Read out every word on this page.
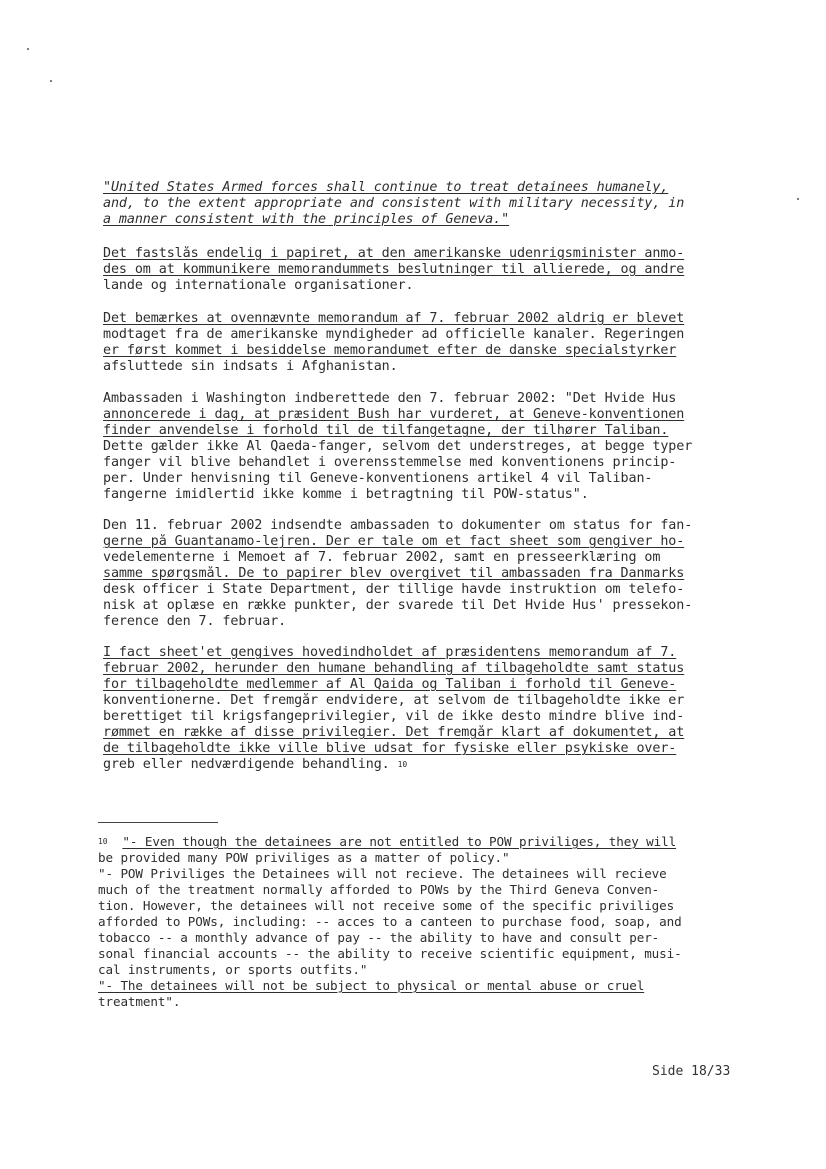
"United States Armed forces shall continue to treat detainees humanely,
and, to the extent appropriate and consistent with military necessity, in
a manner consistent with the principles of Geneva."
Det fastslås endelig i papiret, at den amerikanske udenrigsminister anmo-
des om at kommunikere memorandummets beslutninger til allierede, og andre
lande og internationale organisationer.
Det bemærkes at ovennævnte memorandum af 7. februar 2002 aldrig er blevet
modtaget fra de amerikanske myndigheder ad officielle kanaler. Regeringen
er først kommet i besiddelse memorandumet efter de danske specialstyrker
afsluttede sin indsats i Afghanistan.
Ambassaden i Washington indberettede den 7. februar 2002: "Det Hvide Hus
annoncerede i dag, at præsident Bush har vurderet, at Geneve-konventionen
finder anvendelse i forhold til de tilfangetagne, der tilhører Taliban.
Dette gælder ikke Al Qaeda-fanger, selvom det understreges, at begge typer
fanger vil blive behandlet i overensstemmelse med konventionens princip-
per. Under henvisning til Geneve-konventionens artikel 4 vil Taliban-
fangerne imidlertid ikke komme i betragtning til POW-status".
Den 11. februar 2002 indsendte ambassaden to dokumenter om status for fan-
gerne på Guantanamo-lejren. Der er tale om et fact sheet som gengiver ho-
vedelementerne i Memoet af 7. februar 2002, samt en presseerklæring om
samme spørgsmål. De to papirer blev overgivet til ambassaden fra Danmarks
desk officer i State Department, der tillige havde instruktion om telefo-
nisk at oplæse en række punkter, der svarede til Det Hvide Hus' pressekon-
ference den 7. februar.
I fact sheet'et gengives hovedindholdet af præsidentens memorandum af 7.
februar 2002, herunder den humane behandling af tilbageholdte samt status
for tilbageholdte medlemmer af Al Qaida og Taliban i forhold til Geneve-
konventionerne. Det fremgår endvidere, at selvom de tilbageholdte ikke er
berettiget til krigsfangeprivilegier, vil de ikke desto mindre blive ind-
rømmet en række af disse privilegier. Det fremgår klart af dokumentet, at
de tilbageholdte ikke ville blive udsat for fysiske eller psykiske over-
greb eller nedværdigende behandling. $^{10}$
$^{10}$ "- Even though the detainees are not entitled to POW priviliges, they will
be provided many POW priviliges as a matter of policy."
"- POW Priviliges the Detainees will not recieve. The detainees will recieve
much of the treatment normally afforded to POWs by the Third Geneva Conven-
tion. However, the detainees will not receive some of the specific priviliges
afforded to POWs, including: -- acces to a canteen to purchase food, soap, and
tobacco -- a monthly advance of pay -- the ability to have and consult per-
sonal financial accounts -- the ability to receive scientific equipment, musi-
cal instruments, or sports outfits."
"- The detainees will not be subject to physical or mental abuse or cruel
treatment".
Side 18/33
